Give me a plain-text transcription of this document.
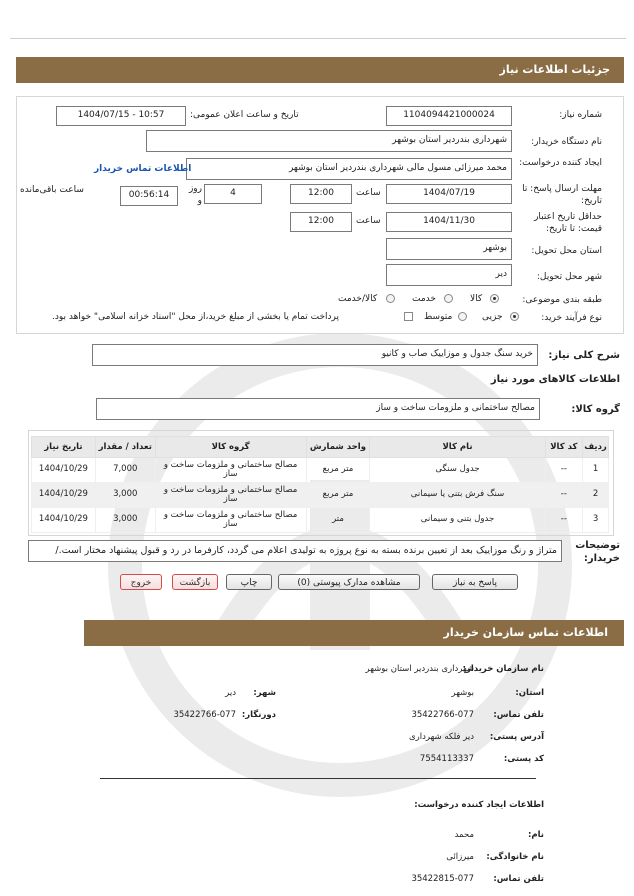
جزئیات اطلاعات نیاز
شماره نیاز:
1104094421000024
تاریخ و ساعت اعلان عمومی:
1404/07/15 - 10:57
نام دستگاه خریدار:
شهرداری بندردیر استان بوشهر
ایجاد کننده درخواست:
محمد میرزائی مسول مالی شهرداری بندردیر استان بوشهر
اطلاعات تماس خریدار
مهلت ارسال پاسخ: تا تاریخ:
1404/07/19
ساعت
12:00
4
روز و
00:56:14
ساعت باقی‌مانده
حداقل تاریخ اعتبار قیمت: تا تاریخ:
1404/11/30
ساعت
12:00
استان محل تحویل:
بوشهر
شهر محل تحویل:
دیر
طبقه بندی موضوعی:
کالا
خدمت
کالا/خدمت
نوع فرآیند خرید:
جزیی
متوسط
پرداخت تمام یا بخشی از مبلغ خرید،از محل "اسناد خزانه اسلامی" خواهد بود.
شرح کلی نیاز:
خرید سنگ جدول و موزاییک صاب و کانیو
اطلاعات کالاهای مورد نیاز
گروه کالا:
مصالح ساختمانی و ملزومات ساخت و ساز
ردیف	کد کالا	نام کالا	واحد شمارش	گروه کالا	تعداد / مقدار	تاریخ نیاز
1	--	جدول سنگی	متر مربع	مصالح ساختمانی و ملزومات ساخت و ساز	7,000	1404/10/29
2	--	سنگ فرش بتنی یا سیمانی	متر مربع	مصالح ساختمانی و ملزومات ساخت و ساز	3,000	1404/10/29
3	--	جدول بتنی و سیمانی	متر	مصالح ساختمانی و ملزومات ساخت و ساز	3,000	1404/10/29
توضیحات خریدار:
متراژ و رنگ موزاییک بعد از تعیین برنده بسته به نوع پروژه به تولیدی اعلام می گردد، کارفرما در رد و قبول پیشنهاد مختار است./
پاسخ به نیاز
مشاهده مدارک پیوستی (0)
چاپ
بازگشت
خروج
اطلاعات تماس سازمان خریدار
نام سازمان خریدار:
شهرداری بندردیر استان بوشهر
استان:
بوشهر
شهر:
دیر
تلفن تماس:
35422766-077
دورنگار:
35422766-077
آدرس پستی:
دیر فلکه شهرداری
کد پستی:
7554113337
اطلاعات ایجاد کننده درخواست:
نام:
محمد
نام خانوادگی:
میرزائی
تلفن تماس:
35422815-077
